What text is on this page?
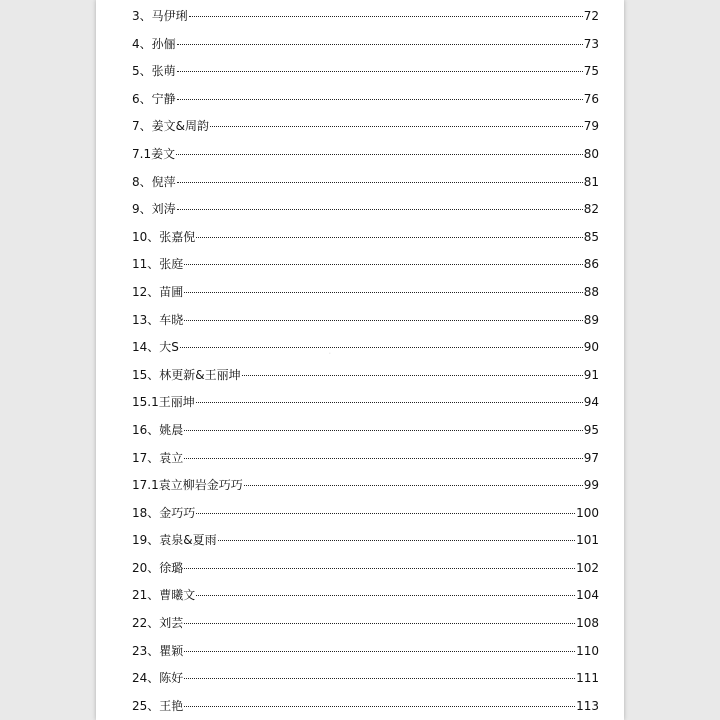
3、马伊琍	72
4、孙俪	73
5、张萌	75
6、宁静	76
7、姜文&周韵	79
7.1姜文	80
8、倪萍	81
9、刘涛	82
10、张嘉倪	85
11、张庭	86
12、苗圃	88
13、车晓	89
14、大S	90
15、林更新&王丽坤	91
15.1王丽坤	94
16、姚晨	95
17、袁立	97
17.1袁立柳岩金巧巧	99
18、金巧巧	100
19、袁泉&夏雨	101
20、徐璐	102
21、曹曦文	104
22、刘芸	108
23、瞿颖	110
24、陈好	111
25、王艳	113
·
